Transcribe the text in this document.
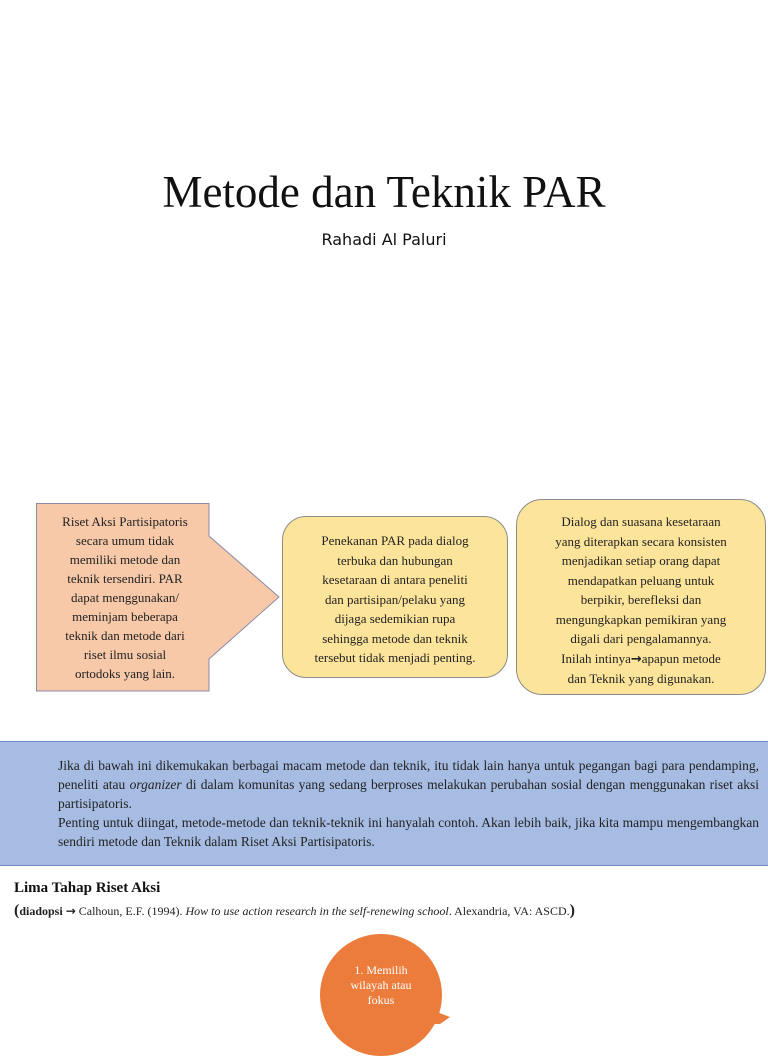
Metode dan Teknik PAR
Rahadi Al Paluri
Riset Aksi Partisipatoris
secara umum tidak
memiliki metode dan
teknik tersendiri. PAR
dapat menggunakan/
meminjam beberapa
teknik dan metode dari
riset ilmu sosial
ortodoks yang lain.
Penekanan PAR pada dialog
terbuka dan hubungan
kesetaraan di antara peneliti
dan partisipan/pelaku yang
dijaga sedemikian rupa
sehingga metode dan teknik
tersebut tidak menjadi penting.
Dialog dan suasana kesetaraan
yang diterapkan secara konsisten
menjadikan setiap orang dapat
mendapatkan peluang untuk
berpikir, berefleksi dan
mengungkapkan pemikiran yang
digali dari pengalamannya.
Inilah intinya→apapun metode
dan Teknik yang digunakan.

Jika di bawah ini dikemukakan berbagai macam metode dan teknik, itu tidak lain hanya untuk pegangan bagi para pendamping, peneliti atau organizer di dalam komunitas yang sedang berproses melakukan perubahan sosial dengan menggunakan riset aksi partisipatoris.

Penting untuk diingat, metode-metode dan teknik-teknik ini hanyalah contoh. Akan lebih baik, jika kita mampu mengembangkan sendiri metode dan Teknik dalam Riset Aksi Partisipatoris.

Lima Tahap Riset Aksi
(diadopsi → Calhoun, E.F. (1994). How to use action research in the self-renewing school. Alexandria, VA: ASCD.)
1. Memilih
wilayah atau
fokus
